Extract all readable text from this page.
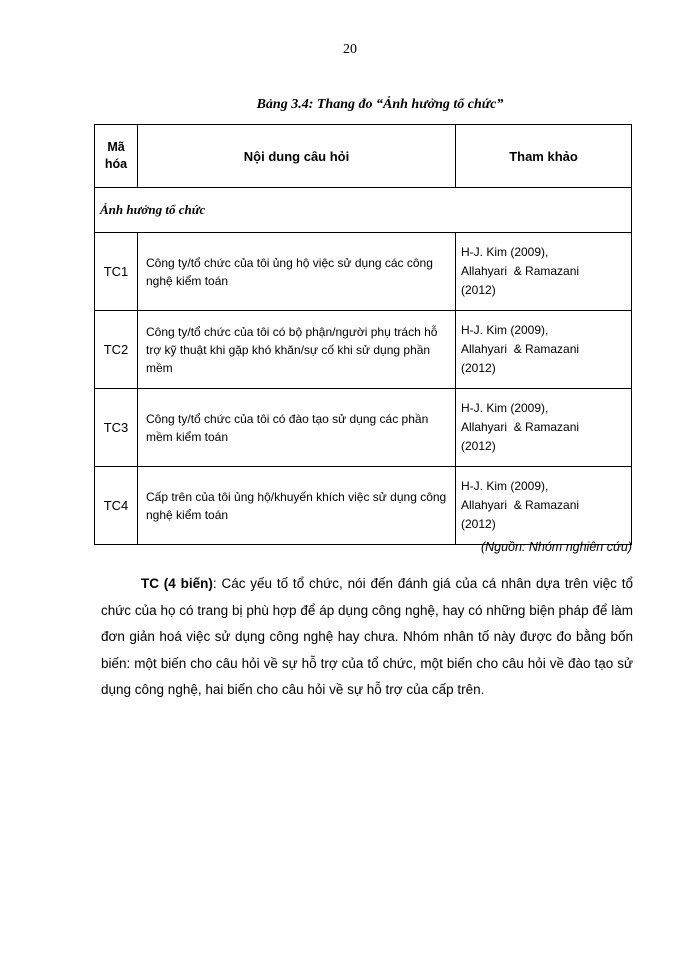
20
Bảng 3.4: Thang đo “Ảnh hưởng tổ chức”
Mã hóa	Nội dung câu hỏi	Tham khảo
Ảnh hưởng tổ chức		
TC1	Công ty/tổ chức của tôi ủng hộ việc sử dụng các công nghệ kiểm toán	H-J. Kim (2009),
Allahyari  & Ramazani
(2012)

TC2	Công ty/tổ chức của tôi có bộ phận/người phụ trách hỗ trợ kỹ thuật khi gặp khó khăn/sự cố khi sử dụng phần mềm	H-J. Kim (2009),
Allahyari  & Ramazani
(2012)

TC3	Công ty/tổ chức của tôi có đào tạo sử dụng các phần mềm kiểm toán	H-J. Kim (2009),
Allahyari  & Ramazani
(2012)

TC4	Cấp trên của tôi ủng hộ/khuyến khích việc sử dụng công nghệ kiểm toán	H-J. Kim (2009),
Allahyari  & Ramazani
(2012)
(Nguồn: Nhóm nghiên cứu)
TC (4 biến): Các yếu tố tổ chức, nói đến đánh giá của cá nhân dựa trên việc tổ chức của họ có trang bị phù hợp để áp dụng công nghệ, hay có những biện pháp để làm đơn giản hoá việc sử dụng công nghệ hay chưa. Nhóm nhân tố này được đo bằng bốn biến: một biến cho câu hỏi về sự hỗ trợ của tổ chức, một biến cho câu hỏi về đào tạo sử dụng công nghệ, hai biến cho câu hỏi về sự hỗ trợ của cấp trên.
